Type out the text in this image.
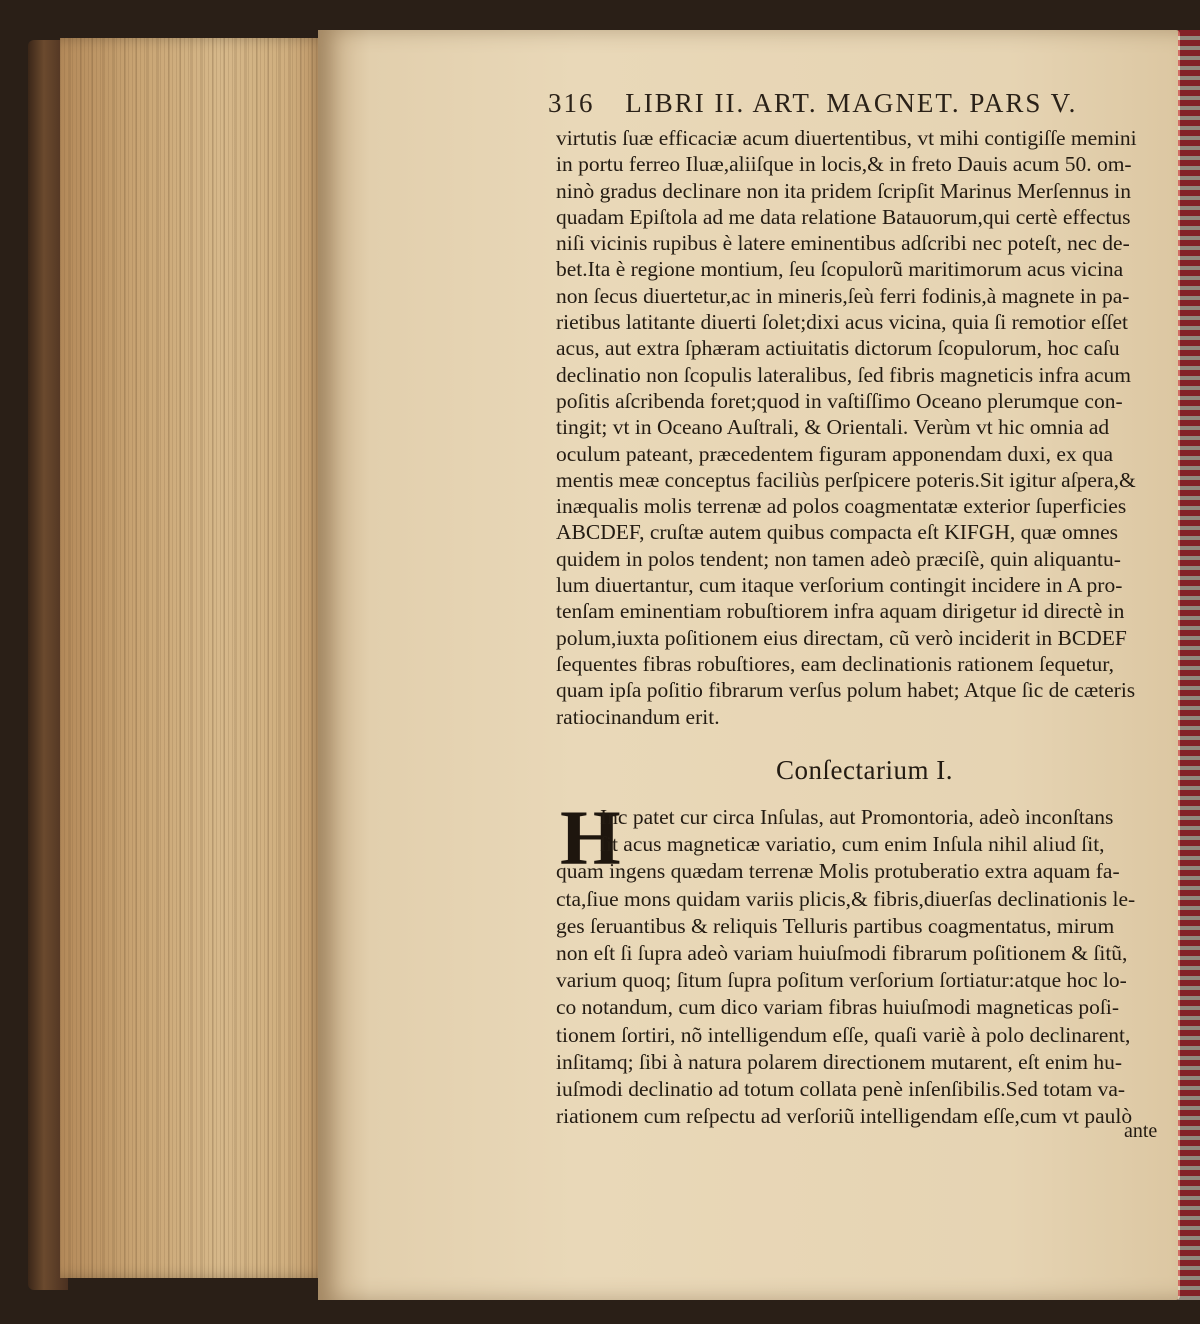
316 LIBRI II. ART. MAGNET. PARS V.
virtutis ſuæ efficaciæ acum diuertentibus, vt mihi contigiſſe memini
in portu ferreo Iluæ,aliiſque in locis,& in freto Dauis acum 50. om-
ninò gradus declinare non ita pridem ſcripſit Marinus Merſennus in
quadam Epiſtola ad me data relatione Batauorum,qui certè effectus
niſi vicinis rupibus è latere eminentibus adſcribi nec poteſt, nec de-
bet.Ita è regione montium, ſeu ſcopulorũ maritimorum acus vicina
non ſecus diuertetur,ac in mineris,ſeù ferri fodinis,à magnete in pa-
rietibus latitante diuerti ſolet;dixi acus vicina, quia ſi remotior eſſet
acus, aut extra ſphæram actiuitatis dictorum ſcopulorum, hoc caſu
declinatio non ſcopulis lateralibus, ſed fibris magneticis infra acum
poſitis aſcribenda foret;quod in vaſtiſſimo Oceano plerumque con-
tingit; vt in Oceano Auſtrali, & Orientali. Verùm vt hic omnia ad
oculum pateant, præcedentem figuram apponendam duxi, ex qua
mentis meæ conceptus faciliùs perſpicere poteris.Sit igitur aſpera,&
inæqualis molis terrenæ ad polos coagmentatæ exterior ſuperficies
ABCDEF, cruſtæ autem quibus compacta eſt KIFGH, quæ omnes
quidem in polos tendent; non tamen adeò præciſè, quin aliquantu-
lum diuertantur, cum itaque verſorium contingit incidere in A pro-
tenſam eminentiam robuſtiorem infra aquam dirigetur id directè in
polum,iuxta poſitionem eius directam, cũ verò inciderit in BCDEF
ſequentes fibras robuſtiores, eam declinationis rationem ſequetur,
quam ipſa poſitio fibrarum verſus polum habet; Atque ſic de cæteris
ratiocinandum erit.
Conſectarium I.
H
Inc patet cur circa Inſulas, aut Promontoria, adeò inconſtans
ſit acus magneticæ variatio, cum enim Inſula nihil aliud ſit,
quam ingens quædam terrenæ Molis protuberatio extra aquam fa-
cta,ſiue mons quidam variis plicis,& fibris,diuerſas declinationis le-
ges ſeruantibus & reliquis Telluris partibus coagmentatus, mirum
non eſt ſi ſupra adeò variam huiuſmodi fibrarum poſitionem & ſitũ,
varium quoq; ſitum ſupra poſitum verſorium ſortiatur:atque hoc lo-
co notandum, cum dico variam fibras huiuſmodi magneticas poſi-
tionem ſortiri, nõ intelligendum eſſe, quaſi variè à polo declinarent,
inſitamq; ſibi à natura polarem directionem mutarent, eſt enim hu-
iuſmodi declinatio ad totum collata penè inſenſibilis.Sed totam va-
riationem cum reſpectu ad verſoriũ intelligendam eſſe,cum vt paulò
ante
